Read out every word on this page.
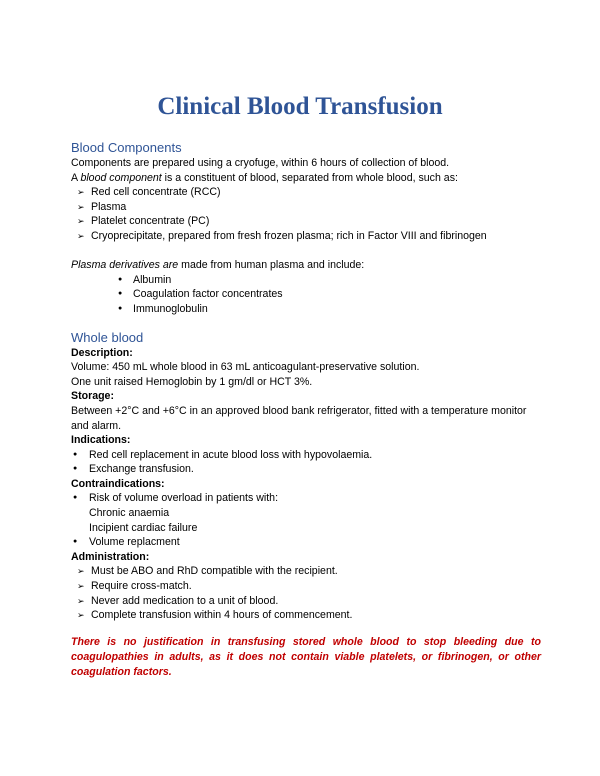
Clinical Blood Transfusion
Blood Components

Components are prepared using a cryofuge, within 6 hours of collection of blood.

A blood component is a constituent of blood, separated from whole blood, such as:

➢ Red cell concentrate (RCC)
➢ Plasma
➢ Platelet concentrate (PC)
➢ Cryoprecipitate, prepared from fresh frozen plasma; rich in Factor VIII and fibrinogen

Plasma derivatives are made from human plasma and include:

● Albumin
● Coagulation factor concentrates
● Immunoglobulin
Whole blood

Description:

Volume: 450 mL whole blood in 63 mL anticoagulant-preservative solution.

One unit raised Hemoglobin by 1 gm/dl or HCT 3%.

Storage:

Between +2°C and +6°C in an approved blood bank refrigerator, fitted with a temperature monitor and alarm.

Indications:

● Red cell replacement in acute blood loss with hypovolaemia.
● Exchange transfusion.

Contraindications:

● Risk of volume overload in patients with:

Chronic anaemia

Incipient cardiac failure

● Volume replacment

Administration:

➢ Must be ABO and RhD compatible with the recipient.
➢ Require cross-match.
➢ Never add medication to a unit of blood.
➢ Complete transfusion within 4 hours of commencement.

There is no justification in transfusing stored whole blood to stop bleeding due to coagulopathies in adults, as it does not contain viable platelets, or fibrinogen, or other coagulation factors.
